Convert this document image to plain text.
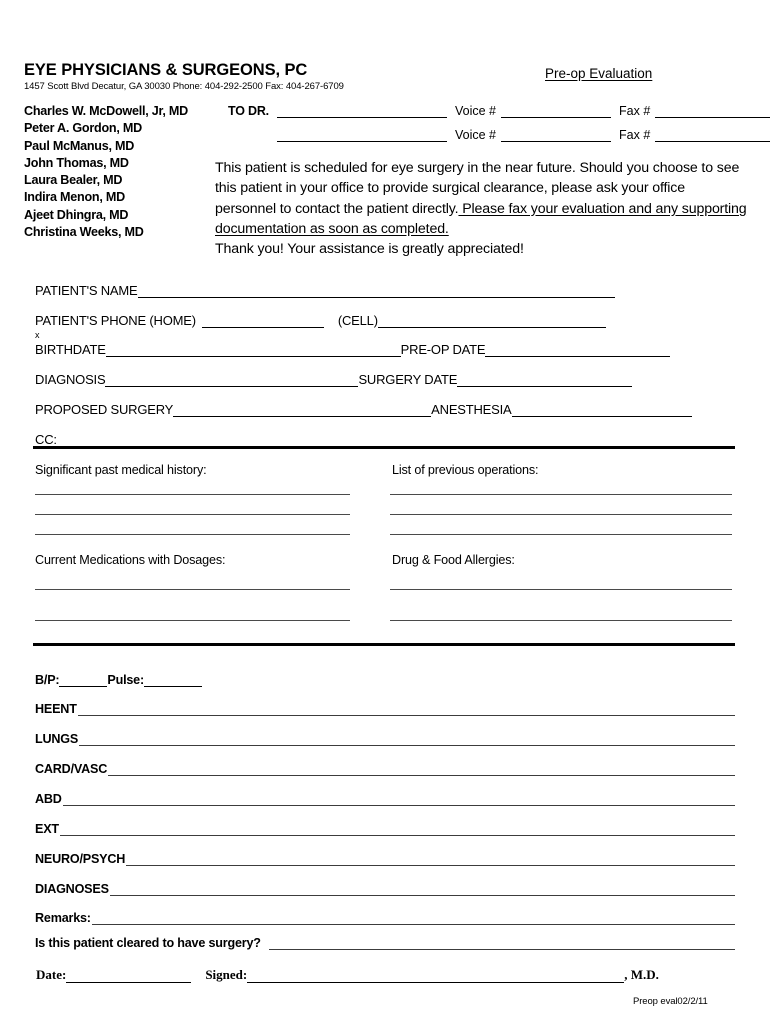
EYE PHYSICIANS & SURGEONS, PC
1457 Scott Blvd Decatur, GA 30030 Phone: 404-292-2500 Fax: 404-267-6709
Pre-op Evaluation
Charles W. McDowell, Jr, MD
Peter A. Gordon, MD
Paul McManus, MD
John Thomas, MD
Laura Bealer, MD
Indira Menon, MD
Ajeet Dhingra, MD
Christina Weeks, MD
TO DR.	Voice #	Fax #
Voice #	Fax #
This patient is scheduled for eye surgery in the near future. Should you choose to see this patient in your office to provide surgical clearance, please ask your office personnel to contact the patient directly. Please fax your evaluation and any supporting documentation as soon as completed.
Thank you! Your assistance is greatly appreciated!
PATIENT'S NAME
PATIENT'S PHONE (HOME)	(CELL)
x
BIRTHDATE	PRE-OP DATE
DIAGNOSIS	SURGERY DATE
PROPOSED SURGERY	ANESTHESIA
CC:
Significant past medical history:	List of previous operations:
Current Medications with Dosages:	Drug & Food Allergies:
B/P:	Pulse:
HEENT
LUNGS
CARD/VASC
ABD
EXT
NEURO/PSYCH
DIAGNOSES
Remarks:
Is this patient cleared to have surgery?
Date:	Signed:	, M.D.
Preop eval02/2/11
